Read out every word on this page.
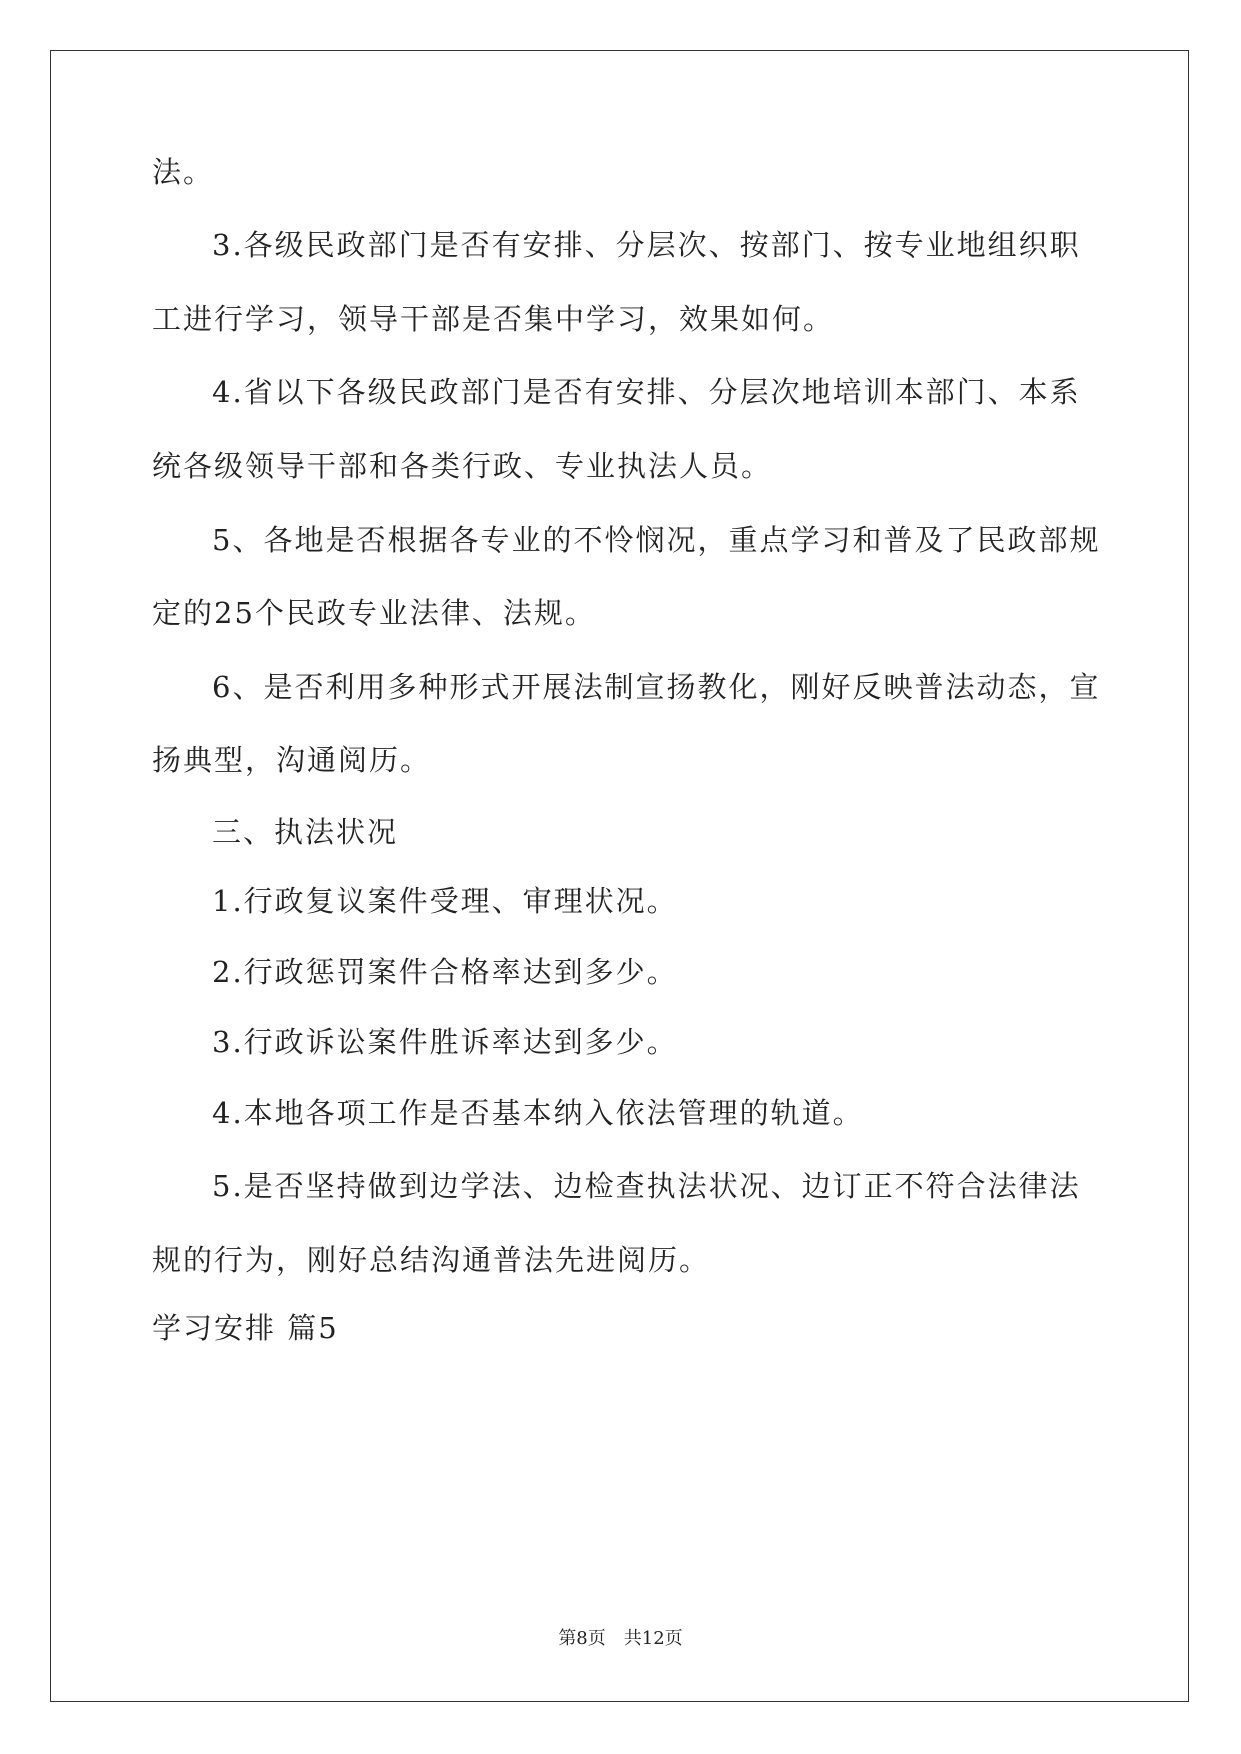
法。
3.各级民政部门是否有安排、分层次、按部门、按专业地组织职
工进行学习，领导干部是否集中学习，效果如何。
4.省以下各级民政部门是否有安排、分层次地培训本部门、本系
统各级领导干部和各类行政、专业执法人员。
5、各地是否根据各专业的不怜悯况，重点学习和普及了民政部规
定的25个民政专业法律、法规。
6、是否利用多种形式开展法制宣扬教化，刚好反映普法动态，宣
扬典型，沟通阅历。
三、执法状况
1.行政复议案件受理、审理状况。
2.行政惩罚案件合格率达到多少。
3.行政诉讼案件胜诉率达到多少。
4.本地各项工作是否基本纳入依法管理的轨道。
5.是否坚持做到边学法、边检查执法状况、边订正不符合法律法
规的行为，刚好总结沟通普法先进阅历。
学习安排 篇5
第8页　共12页
